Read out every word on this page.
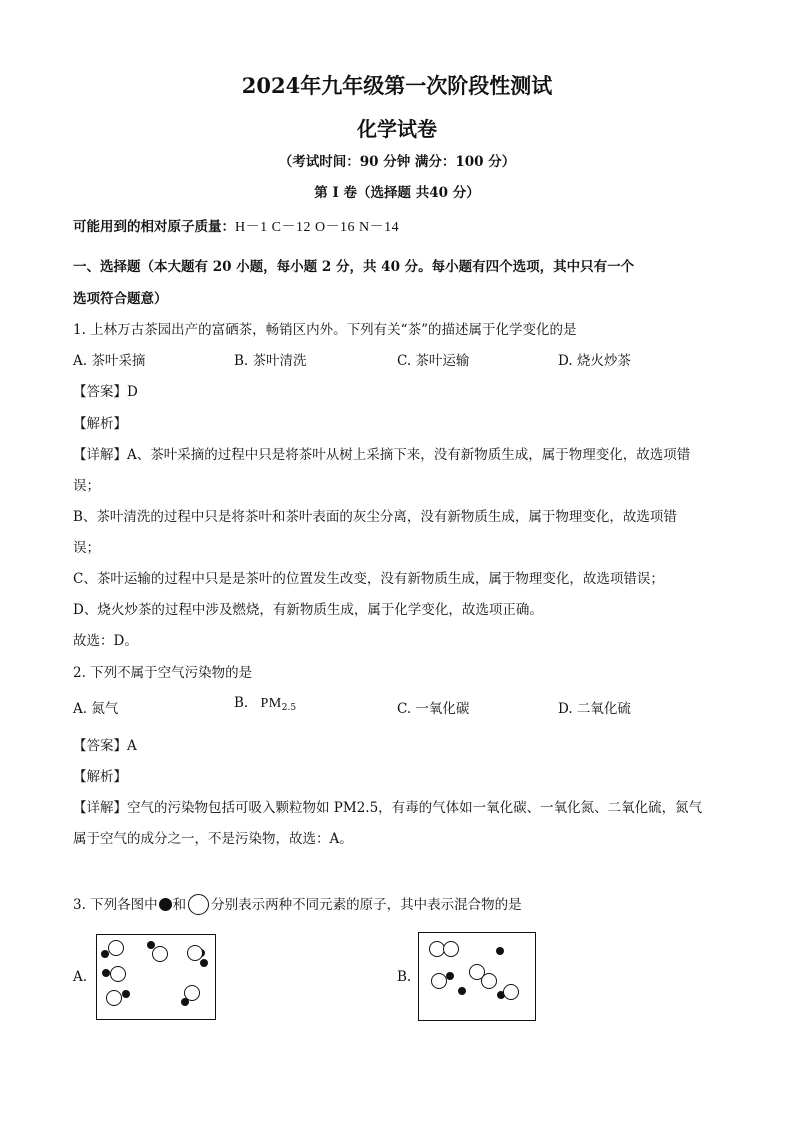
2024年九年级第一次阶段性测试
化学试卷
（考试时间：90 分钟 满分：100 分）
第 I 卷（选择题 共40 分）
可能用到的相对原子质量：H－1 C－12 O－16 N－14
一、选择题（本大题有 20 小题，每小题 2 分，共 40 分。每小题有四个选项，其中只有一个
选项符合题意）
1. 上林万古茶园出产的富硒茶，畅销区内外。下列有关“茶”的描述属于化学变化的是
A. 茶叶采摘	B. 茶叶清洗	C. 茶叶运输	D. 烧火炒茶
【答案】D
【解析】
【详解】A、茶叶采摘的过程中只是将茶叶从树上采摘下来，没有新物质生成，属于物理变化，故选项错
误；
B、茶叶清洗的过程中只是将茶叶和茶叶表面的灰尘分离，没有新物质生成，属于物理变化，故选项错
误；
C、茶叶运输的过程中只是是茶叶的位置发生改变，没有新物质生成，属于物理变化，故选项错误；
D、烧火炒茶的过程中涉及燃烧，有新物质生成，属于化学变化，故选项正确。
故选：D。
2. 下列不属于空气污染物的是
A. 氮气	B. $PM_{2.5}$	C. 一氧化碳	D. 二氧化硫
【答案】A
【解析】
【详解】空气的污染物包括可吸入颗粒物如 PM2.5，有毒的气体如一氧化碳、一氧化氮、二氧化硫，氮气
属于空气的成分之一，不是污染物，故选：A。
3. 下列各图中 和 分别表示两种不同元素的原子，其中表示混合物的是
A.	B.
